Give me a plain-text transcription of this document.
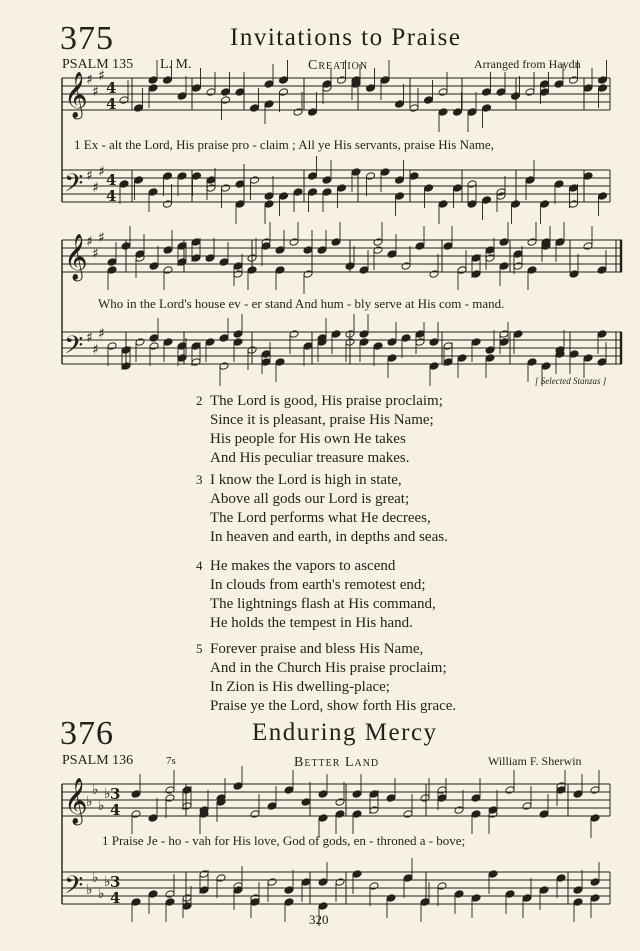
375	Invitations to Praise
PSALM 135 L. M.	Creation	Arranged from Haydn
𝄞
𝄢
♯
♯
♯
♯
♯
♯
4
4
4
4
1 Ex - alt the Lord, His praise pro - claim ; All ye His servants, praise His Name,
𝄞
𝄢
♯
♯
♯
♯
♯
♯
Who in the Lord's house ev - er stand And hum - bly serve at His com - mand.
[ Selected Stanzas ]
2 The Lord is good, His praise proclaim;
Since it is pleasant, praise His Name;
His people for His own He takes
And His peculiar treasure makes.
3 I know the Lord is high in state,
Above all gods our Lord is great;
The Lord performs what He decrees,
In heaven and earth, in depths and seas.
4 He makes the vapors to ascend
In clouds from earth's remotest end;
The lightnings flash at His command,
He holds the tempest in His hand.
5 Forever praise and bless His Name,
And in the Church His praise proclaim;
In Zion is His dwelling-place;
Praise ye the Lord, show forth His grace.
376	Enduring Mercy
PSALM 136	7s	Better Land	William F. Sherwin
𝄞
𝄢
♭
♭
♭
♭
♭
♭
♭
♭
3
4
3
4
1 Praise Je - ho - vah for His love, God of gods, en - throned a - bove;
320
